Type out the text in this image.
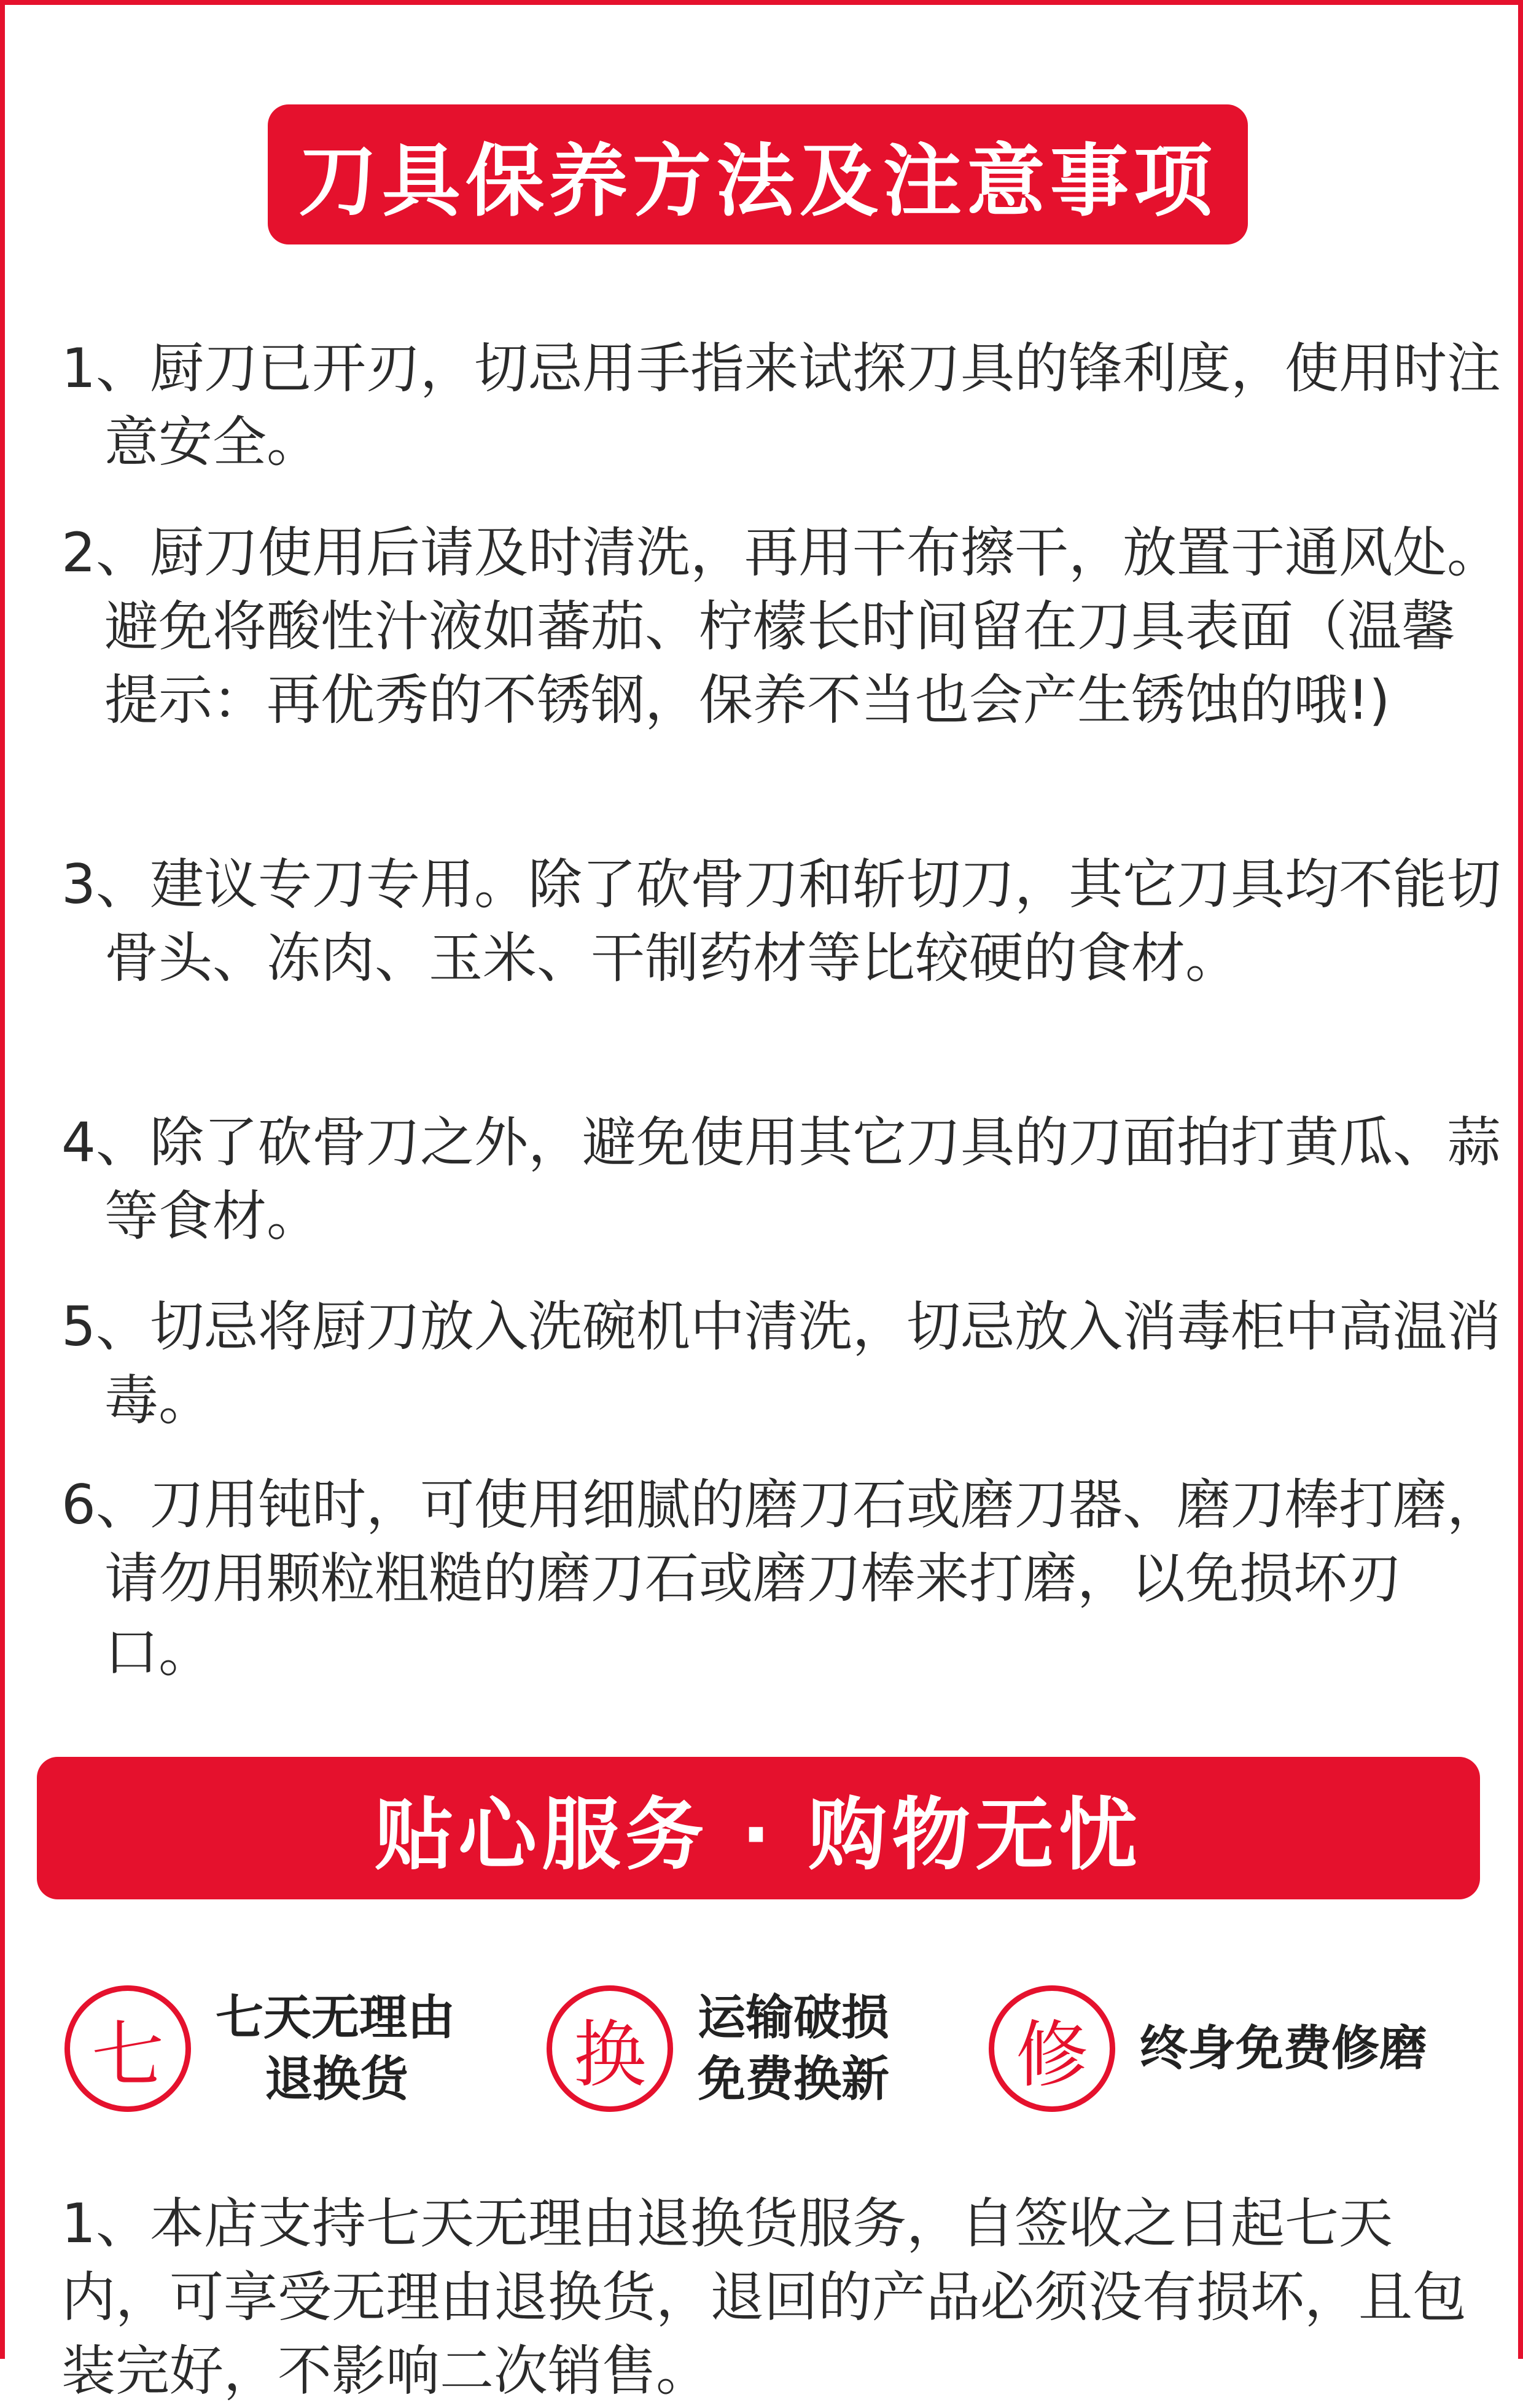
刀具保养方法及注意事项
1、厨刀已开刃，切忌用手指来试探刀具的锋利度，使用时注意安全。
2、厨刀使用后请及时清洗，再用干布擦干，放置于通风处。避免将酸性汁液如蕃茄、柠檬长时间留在刀具表面（温馨提示：再优秀的不锈钢，保养不当也会产生锈蚀的哦!)
3、建议专刀专用。除了砍骨刀和斩切刀，其它刀具均不能切骨头、冻肉、玉米、干制药材等比较硬的食材。
4、除了砍骨刀之外，避免使用其它刀具的刀面拍打黄瓜、蒜等食材。
5、切忌将厨刀放入洗碗机中清洗，切忌放入消毒柜中高温消毒。
6、刀用钝时，可使用细腻的磨刀石或磨刀器、磨刀棒打磨，请勿用颗粒粗糙的磨刀石或磨刀棒来打磨，以免损坏刃口。
贴心服务 · 购物无忧
七	七天无理由
退换货	换	运输破损
免费换新	修	终身免费修磨
1、本店支持七天无理由退换货服务，自签收之日起七天内，可享受无理由退换货，退回的产品必须没有损坏，且包装完好，不影响二次销售。
